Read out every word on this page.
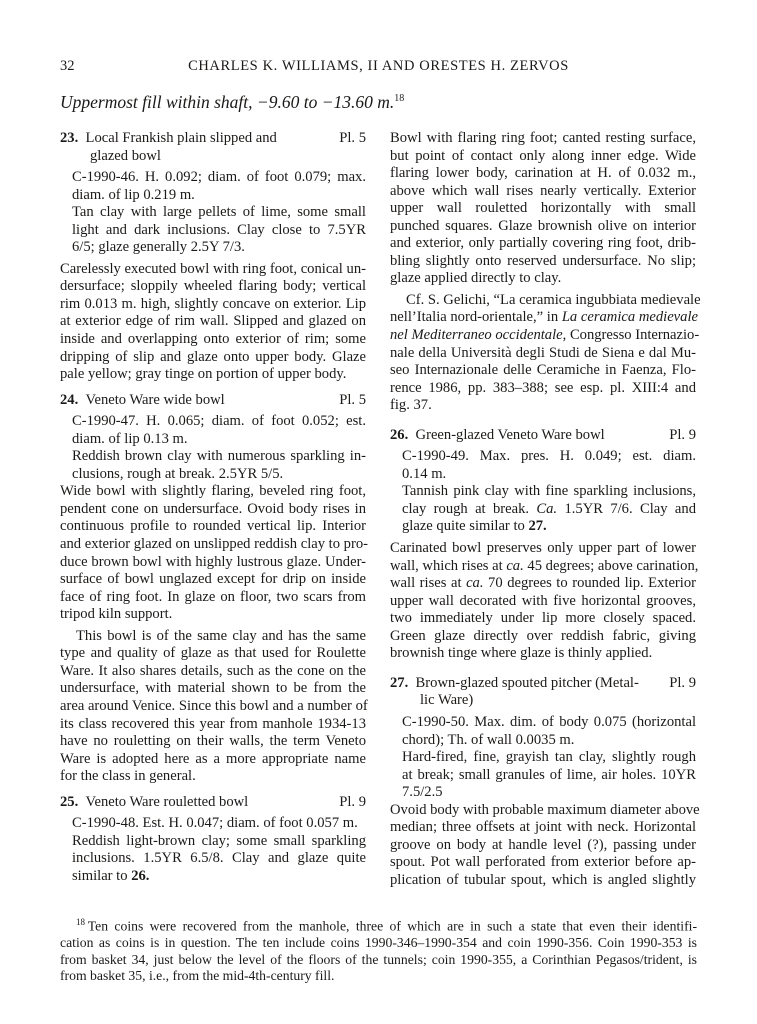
32	CHARLES K. WILLIAMS, II AND ORESTES H. ZERVOS
Uppermost fill within shaft, −9.60 to −13.60 m.$^{18}$
23. Local Frankish plain slipped and	Pl. 5
glazed bowl
C-1990-46. H. 0.092; diam. of foot 0.079; max.
diam. of lip 0.219 m.
Tan clay with large pellets of lime, some small
light and dark inclusions. Clay close to 7.5YR
6/5; glaze generally 2.5Y 7/3.
Carelessly executed bowl with ring foot, conical un-
dersurface; sloppily wheeled flaring body; vertical
rim 0.013 m. high, slightly concave on exterior. Lip
at exterior edge of rim wall. Slipped and glazed on
inside and overlapping onto exterior of rim; some
dripping of slip and glaze onto upper body. Glaze
pale yellow; gray tinge on portion of upper body.
24. Veneto Ware wide bowl	Pl. 5
C-1990-47. H. 0.065; diam. of foot 0.052; est.
diam. of lip 0.13 m.
Reddish brown clay with numerous sparkling in-
clusions, rough at break. 2.5YR 5/5.
Wide bowl with slightly flaring, beveled ring foot,
pendent cone on undersurface. Ovoid body rises in
continuous profile to rounded vertical lip. Interior
and exterior glazed on unslipped reddish clay to pro-
duce brown bowl with highly lustrous glaze. Under-
surface of bowl unglazed except for drip on inside
face of ring foot. In glaze on floor, two scars from
tripod kiln support.
This bowl is of the same clay and has the same
type and quality of glaze as that used for Roulette
Ware. It also shares details, such as the cone on the
undersurface, with material shown to be from the
area around Venice. Since this bowl and a number of
its class recovered this year from manhole 1934-13
have no rouletting on their walls, the term Veneto
Ware is adopted here as a more appropriate name
for the class in general.
25. Veneto Ware rouletted bowl	Pl. 9
C-1990-48. Est. H. 0.047; diam. of foot 0.057 m.
Reddish light-brown clay; some small sparkling
inclusions. 1.5YR 6.5/8. Clay and glaze quite
similar to 26.
Bowl with flaring ring foot; canted resting surface,
but point of contact only along inner edge. Wide
flaring lower body, carination at H. of 0.032 m.,
above which wall rises nearly vertically. Exterior
upper wall rouletted horizontally with small
punched squares. Glaze brownish olive on interior
and exterior, only partially covering ring foot, drib-
bling slightly onto reserved undersurface. No slip;
glaze applied directly to clay.
Cf. S. Gelichi, “La ceramica ingubbiata medievale
nell’Italia nord-orientale,” in La ceramica medievale
nel Mediterraneo occidentale, Congresso Internazio-
nale della Università degli Studi de Siena e dal Mu-
seo Internazionale delle Ceramiche in Faenza, Flo-
rence 1986, pp. 383–388; see esp. pl. XIII:4 and
fig. 37.
26. Green-glazed Veneto Ware bowl	Pl. 9
C-1990-49. Max. pres. H. 0.049; est. diam.
0.14 m.
Tannish pink clay with fine sparkling inclusions,
clay rough at break. Ca. 1.5YR 7/6. Clay and
glaze quite similar to 27.
Carinated bowl preserves only upper part of lower
wall, which rises at ca. 45 degrees; above carination,
wall rises at ca. 70 degrees to rounded lip. Exterior
upper wall decorated with five horizontal grooves,
two immediately under lip more closely spaced.
Green glaze directly over reddish fabric, giving
brownish tinge where glaze is thinly applied.
27. Brown-glazed spouted pitcher (Metal- Pl. 9
lic Ware)
C-1990-50. Max. dim. of body 0.075 (horizontal
chord); Th. of wall 0.0035 m.
Hard-fired, fine, grayish tan clay, slightly rough
at break; small granules of lime, air holes. 10YR
7.5/2.5
Ovoid body with probable maximum diameter above
median; three offsets at joint with neck. Horizontal
groove on body at handle level (?), passing under
spout. Pot wall perforated from exterior before ap-
plication of tubular spout, which is angled slightly
$^{18}$  Ten coins were recovered from the manhole, three of which are in such a state that even their identifi-
cation as coins is in question. The ten include coins 1990-346–1990-354 and coin 1990-356. Coin 1990-353 is
from basket 34, just below the level of the floors of the tunnels; coin 1990-355, a Corinthian Pegasos/trident, is
from basket 35, i.e., from the mid-4th-century fill.
